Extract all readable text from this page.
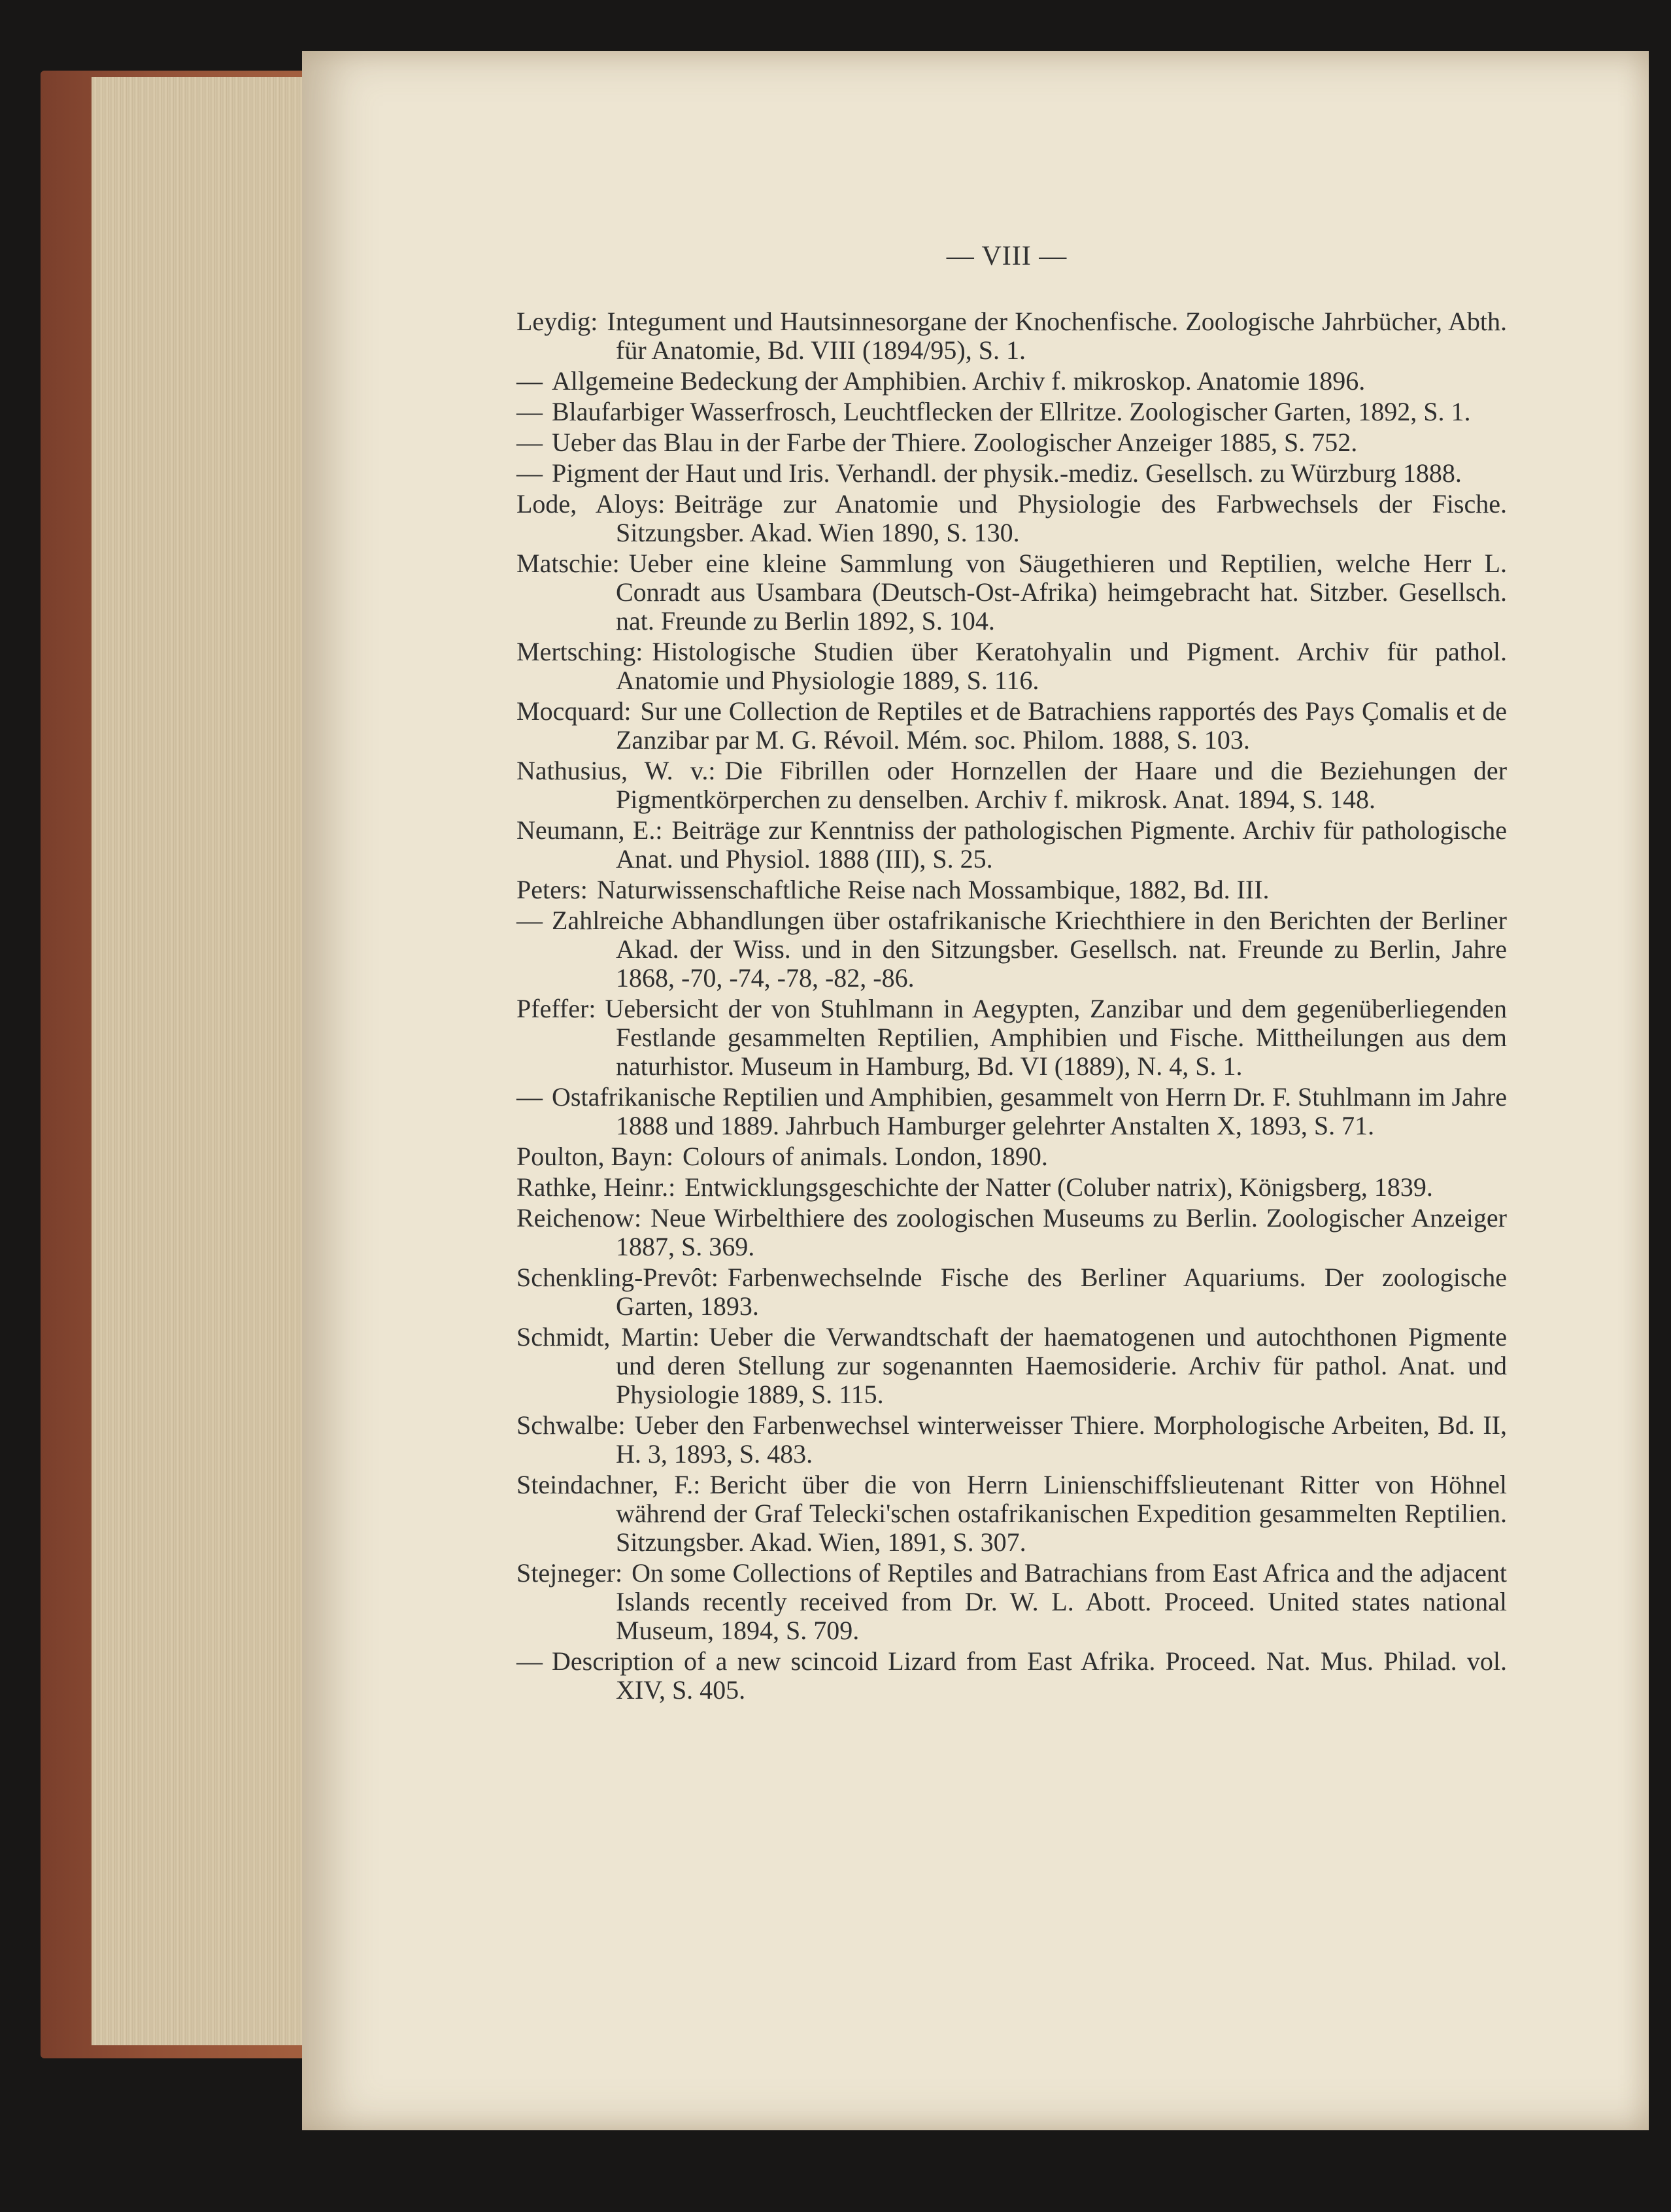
— VIII —
Leydig: Integument und Hautsinnesorgane der Knochenfische. Zoologische Jahrbücher, Abth. für Anatomie, Bd. VIII (1894/95), S. 1.
— Allgemeine Bedeckung der Amphibien. Archiv f. mikroskop. Anatomie 1896.
— Blaufarbiger Wasserfrosch, Leuchtflecken der Ellritze. Zoologischer Garten, 1892, S. 1.
— Ueber das Blau in der Farbe der Thiere. Zoologischer Anzeiger 1885, S. 752.
— Pigment der Haut und Iris. Verhandl. der physik.-mediz. Gesellsch. zu Würzburg 1888.
Lode, Aloys: Beiträge zur Anatomie und Physiologie des Farbwechsels der Fische. Sitzungsber. Akad. Wien 1890, S. 130.
Matschie: Ueber eine kleine Sammlung von Säugethieren und Reptilien, welche Herr L. Conradt aus Usambara (Deutsch-Ost-Afrika) heimgebracht hat. Sitzber. Gesellsch. nat. Freunde zu Berlin 1892, S. 104.
Mertsching: Histologische Studien über Keratohyalin und Pigment. Archiv für pathol. Anatomie und Physiologie 1889, S. 116.
Mocquard: Sur une Collection de Reptiles et de Batrachiens rapportés des Pays Çomalis et de Zanzibar par M. G. Révoil. Mém. soc. Philom. 1888, S. 103.
Nathusius, W. v.: Die Fibrillen oder Hornzellen der Haare und die Beziehungen der Pigmentkörperchen zu denselben. Archiv f. mikrosk. Anat. 1894, S. 148.
Neumann, E.: Beiträge zur Kenntniss der pathologischen Pigmente. Archiv für pathologische Anat. und Physiol. 1888 (III), S. 25.
Peters: Naturwissenschaftliche Reise nach Mossambique, 1882, Bd. III.
— Zahlreiche Abhandlungen über ostafrikanische Kriechthiere in den Berichten der Berliner Akad. der Wiss. und in den Sitzungsber. Gesellsch. nat. Freunde zu Berlin, Jahre 1868, -70, -74, -78, -82, -86.
Pfeffer: Uebersicht der von Stuhlmann in Aegypten, Zanzibar und dem gegenüberliegenden Festlande gesammelten Reptilien, Amphibien und Fische. Mittheilungen aus dem naturhistor. Museum in Hamburg, Bd. VI (1889), N. 4, S. 1.
— Ostafrikanische Reptilien und Amphibien, gesammelt von Herrn Dr. F. Stuhlmann im Jahre 1888 und 1889. Jahrbuch Hamburger gelehrter Anstalten X, 1893, S. 71.
Poulton, Bayn: Colours of animals. London, 1890.
Rathke, Heinr.: Entwicklungsgeschichte der Natter (Coluber natrix), Königsberg, 1839.
Reichenow: Neue Wirbelthiere des zoologischen Museums zu Berlin. Zoologischer Anzeiger 1887, S. 369.
Schenkling-Prevôt: Farbenwechselnde Fische des Berliner Aquariums. Der zoologische Garten, 1893.
Schmidt, Martin: Ueber die Verwandtschaft der haematogenen und autochthonen Pigmente und deren Stellung zur sogenannten Haemosiderie. Archiv für pathol. Anat. und Physiologie 1889, S. 115.
Schwalbe: Ueber den Farbenwechsel winterweisser Thiere. Morphologische Arbeiten, Bd. II, H. 3, 1893, S. 483.
Steindachner, F.: Bericht über die von Herrn Linienschiffslieutenant Ritter von Höhnel während der Graf Telecki'schen ostafrikanischen Expedition gesammelten Reptilien. Sitzungsber. Akad. Wien, 1891, S. 307.
Stejneger: On some Collections of Reptiles and Batrachians from East Africa and the adjacent Islands recently received from Dr. W. L. Abott. Proceed. United states national Museum, 1894, S. 709.
— Description of a new scincoid Lizard from East Afrika. Proceed. Nat. Mus. Philad. vol. XIV, S. 405.
